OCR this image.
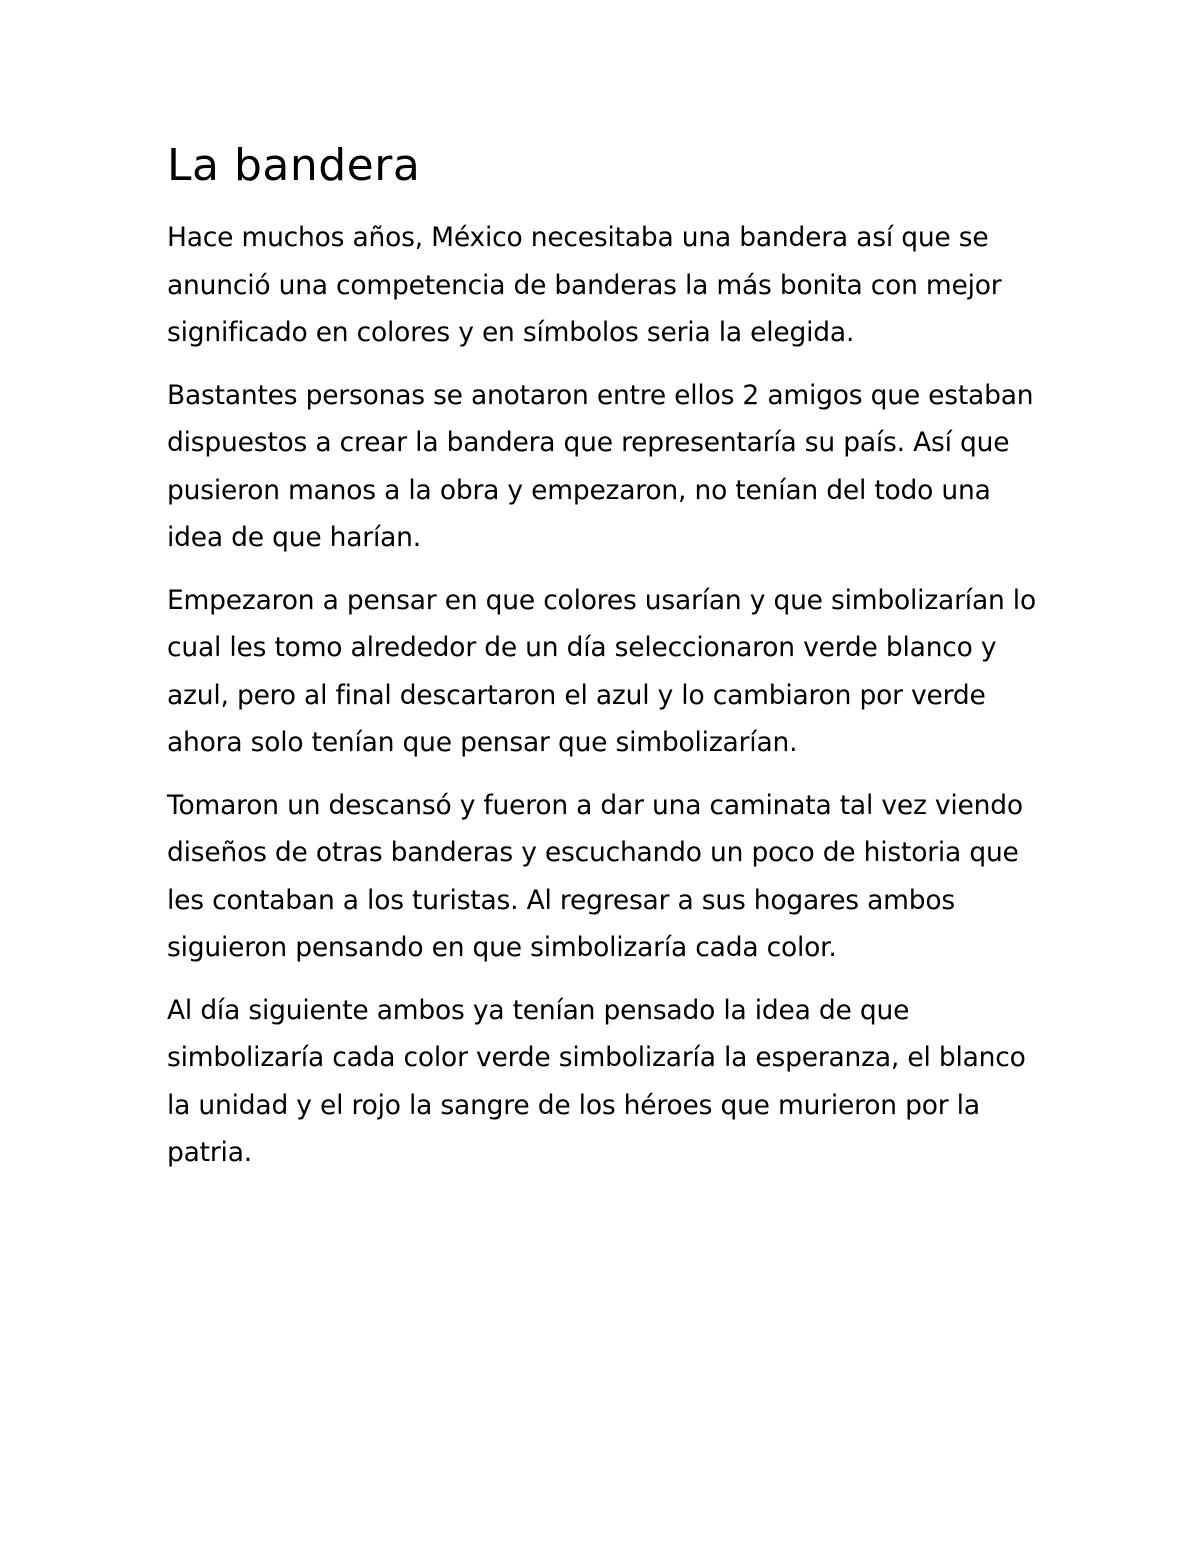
La bandera

Hace muchos años, México necesitaba una bandera así que se anunció una competencia de banderas la más bonita con mejor significado en colores y en símbolos seria la elegida.

Bastantes personas se anotaron entre ellos 2 amigos que estaban dispuestos a crear la bandera que representaría su país. Así que pusieron manos a la obra y empezaron, no tenían del todo una idea de que harían.

Empezaron a pensar en que colores usarían y que simbolizarían lo cual les tomo alrededor de un día seleccionaron verde blanco y azul, pero al final descartaron el azul y lo cambiaron por verde ahora solo tenían que pensar que simbolizarían.

Tomaron un descansó y fueron a dar una caminata tal vez viendo diseños de otras banderas y escuchando un poco de historia que les contaban a los turistas. Al regresar a sus hogares ambos siguieron pensando en que simbolizaría cada color.

Al día siguiente ambos ya tenían pensado la idea de que simbolizaría cada color verde simbolizaría la esperanza, el blanco la unidad y el rojo la sangre de los héroes que murieron por la patria.
